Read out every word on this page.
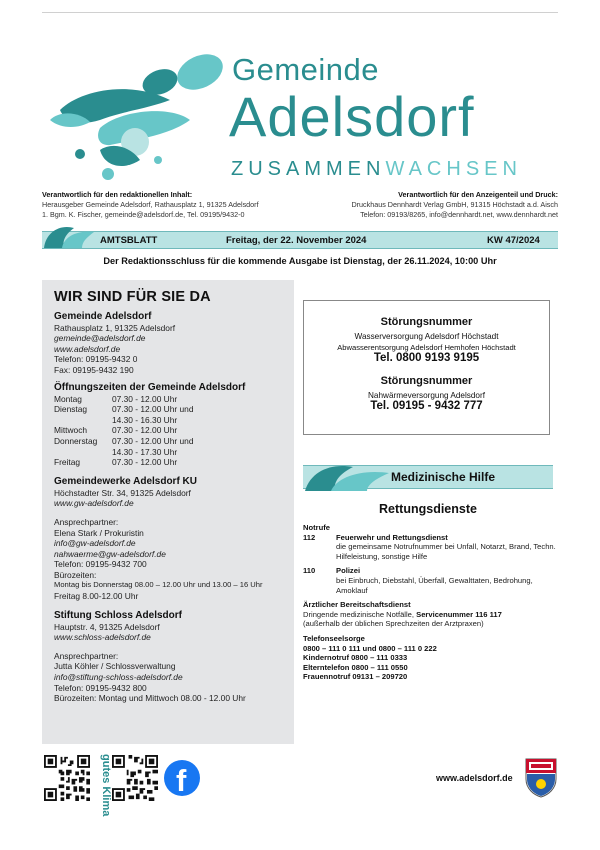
Gemeinde
Adelsdorf
ZUSAMMENWACHSEN
Verantwortlich für den redaktionellen Inhalt:
Herausgeber Gemeinde Adelsdorf, Rathausplatz 1, 91325 Adelsdorf
1. Bgm. K. Fischer, gemeinde@adelsdorf.de, Tel. 09195/9432-0
Verantwortlich für den Anzeigenteil und Druck:
Druckhaus Dennhardt Verlag GmbH, 91315 Höchstadt a.d. Aisch
Telefon: 09193/8265, info@dennhardt.net, www.dennhardt.net
AMTSBLATT	Freitag, der 22. November 2024	KW 47/2024
Der Redaktionsschluss für die kommende Ausgabe ist Dienstag, der 26.11.2024, 10:00 Uhr
WIR SIND FÜR SIE DA
Gemeinde Adelsdorf
Rathausplatz 1, 91325 Adelsdorf
gemeinde@adelsdorf.de
www.adelsdorf.de
Telefon: 09195-9432 0
Fax: 09195-9432 190
Öffnungszeiten der Gemeinde Adelsdorf
Montag	07.30 - 12.00 Uhr
Dienstag	07.30 - 12.00 Uhr und
14.30 - 16.30 Uhr
Mittwoch	07.30 - 12.00 Uhr
Donnerstag	07.30 - 12.00 Uhr und
14.30 - 17.30 Uhr
Freitag	07.30 - 12.00 Uhr
Gemeindewerke Adelsdorf KU
Höchstadter Str. 34, 91325 Adelsdorf
www.gw-adelsdorf.de
Ansprechpartner:
Elena Stark / Prokuristin
info@gw-adelsdorf.de
nahwaerme@gw-adelsdorf.de
Telefon: 09195-9432 700
Bürozeiten:
Montag bis Donnerstag 08.00 – 12.00 Uhr und 13.00 – 16 Uhr
Freitag 8.00-12.00 Uhr
Stiftung Schloss Adelsdorf
Hauptstr. 4, 91325 Adelsdorf
www.schloss-adelsdorf.de
Ansprechpartner:
Jutta Köhler / Schlossverwaltung
info@stiftung-schloss-adelsdorf.de
Telefon: 09195-9432 800
Bürozeiten: Montag und Mittwoch 08.00 - 12.00 Uhr
Störungsnummer
Wasserversorgung Adelsdorf Höchstadt
Abwasserentsorgung Adelsdorf Hemhofen Höchstadt
Tel. 0800 9193 9195
Störungsnummer
Nahwärmeversorgung Adelsdorf
Tel. 09195 - 9432 777
Medizinische Hilfe
Rettungsdienste
Notrufe
112	Feuerwehr und Rettungsdienst
die gemeinsame Notrufnummer bei Unfall, Notarzt, Brand, Techn. Hilfeleistung, sonstige Hilfe
110	Polizei
bei Einbruch, Diebstahl, Überfall, Gewalttaten, Bedrohung, Amoklauf
Ärztlicher Bereitschaftsdienst
Dringende medizinische Notfälle, Servicenummer 116 117
(außerhalb der üblichen Sprechzeiten der Arztpraxen)
Telefonseelsorge
0800 – 111 0 111 und 0800 – 111 0 222
Kindernotruf 0800 – 111 0333
Elterntelefon 0800 – 111 0550
Frauennotruf 09131 – 209720
gutes Klima f	www.adelsdorf.de
